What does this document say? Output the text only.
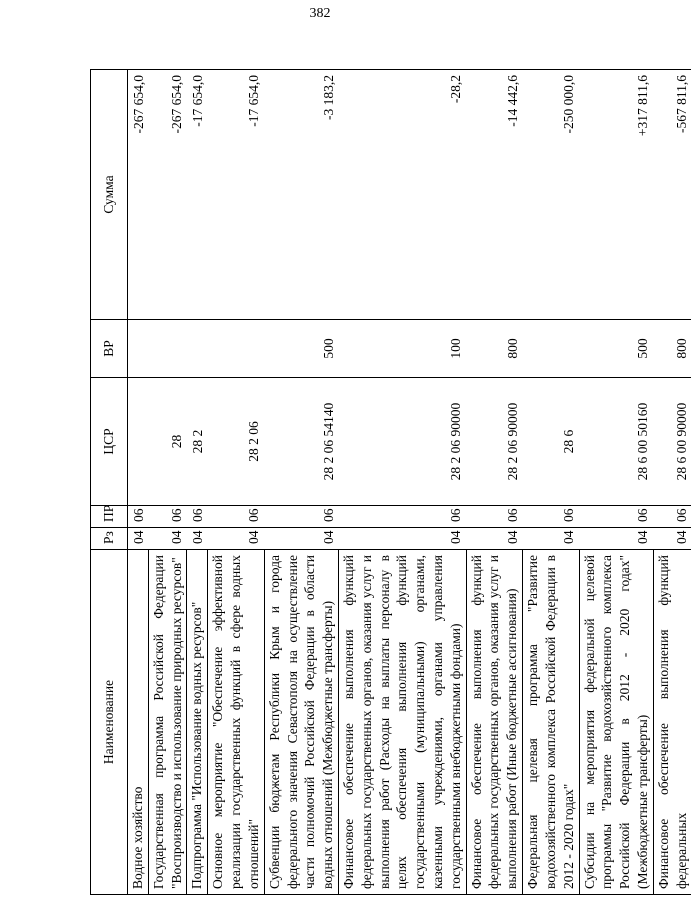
382
Наименование	Рз	ПР	ЦСР	ВР	Сумма
Водное хозяйство	04	06			-267 654,0
Государственная программа Российской Федерации "Воспроизводство и использование природных ресурсов"	04	06	28		-267 654,0
Подпрограмма "Использование водных ресурсов"	04	06	28 2		-17 654,0
Основное мероприятие "Обеспечение эффективной реализации государственных функций в сфере водных отношений"	04	06	28 2 06		-17 654,0
Субвенции бюджетам Республики Крым и города федерального значения Севастополя на осуществление части полномочий Российской Федерации в области водных отношений (Межбюджетные трансферты)	04	06	28 2 06 54140	500	-3 183,2
Финансовое обеспечение выполнения функций федеральных государственных органов, оказания услуг и выполнения работ (Расходы на выплаты персоналу в целях обеспечения выполнения функций государственными (муниципальными) органами, казенными учреждениями, органами управления государственными внебюджетными фондами)	04	06	28 2 06 90000	100	-28,2
Финансовое обеспечение выполнения функций федеральных государственных органов, оказания услуг и выполнения работ (Иные бюджетные ассигнования)	04	06	28 2 06 90000	800	-14 442,6
Федеральная целевая программа "Развитие водохозяйственного комплекса Российской Федерации в 2012 - 2020 годах"	04	06	28 6		-250 000,0
Субсидии на мероприятия федеральной целевой программы "Развитие водохозяйственного комплекса Российской Федерации в 2012 - 2020 годах" (Межбюджетные трансферты)	04	06	28 6 00 50160	500	+317 811,6
Финансовое обеспечение выполнения функций федеральных	04	06	28 6 00 90000	800	-567 811,6
